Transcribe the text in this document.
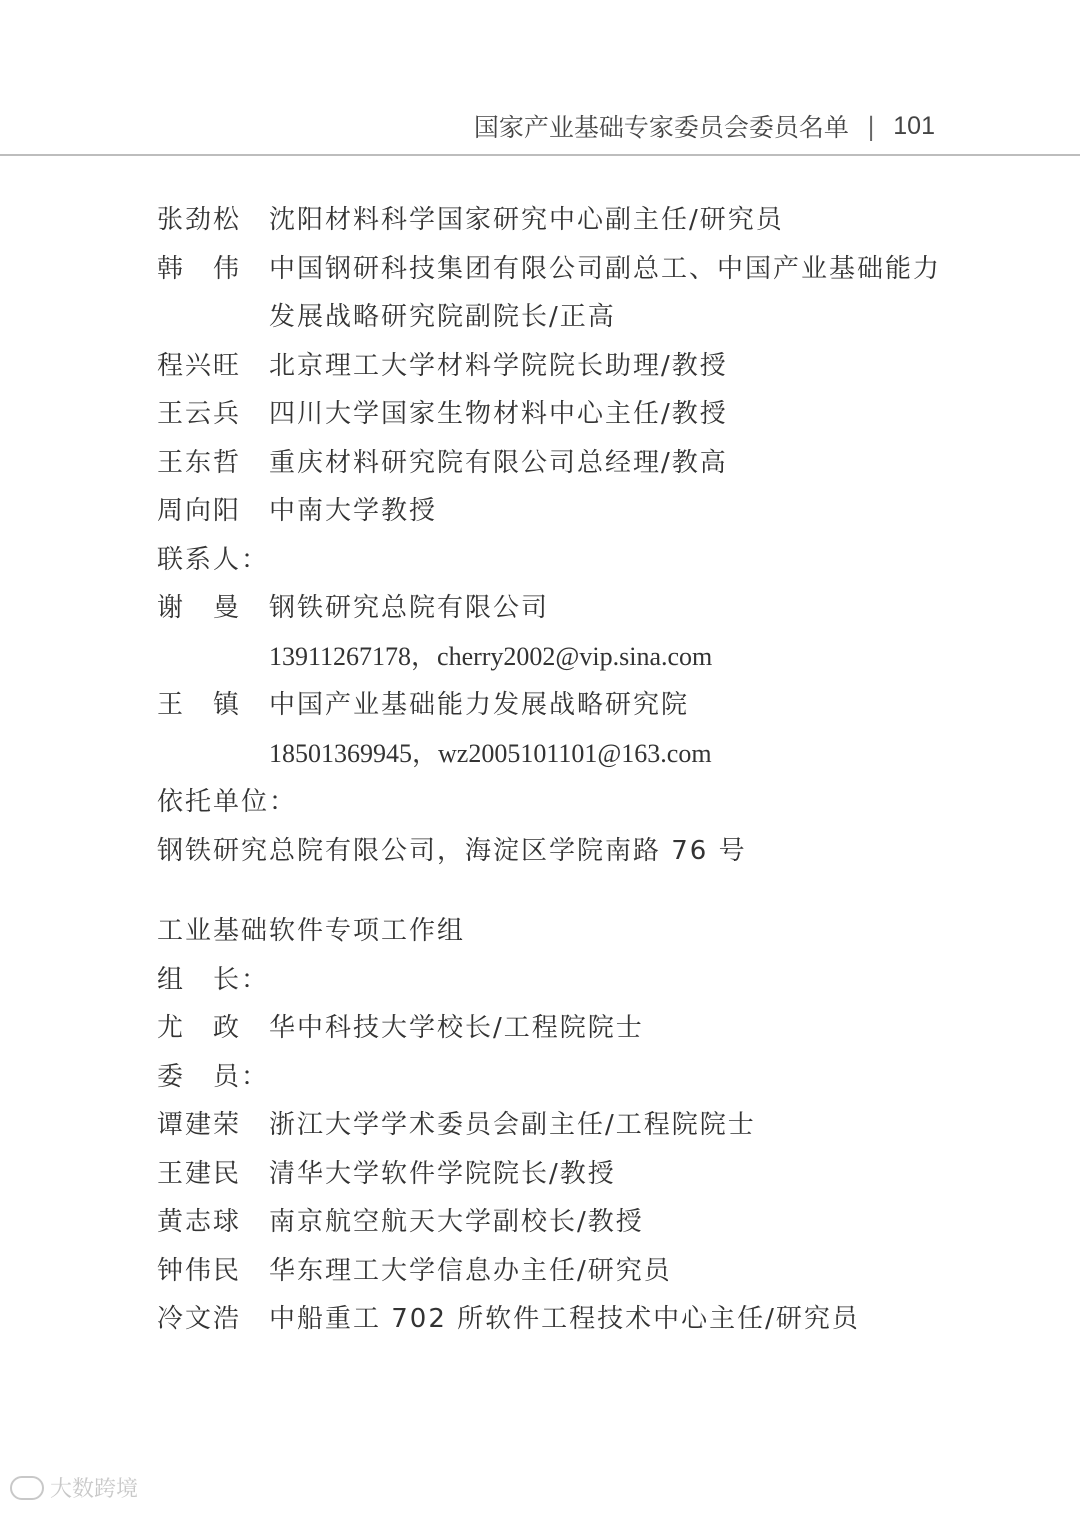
国家产业基础专家委员会委员名单 | 101
张劲松	沈阳材料科学国家研究中心副主任/研究员
韩　伟	中国钢研科技集团有限公司副总工、中国产业基础能力
发展战略研究院副院长/正高
程兴旺	北京理工大学材料学院院长助理/教授
王云兵	四川大学国家生物材料中心主任/教授
王东哲	重庆材料研究院有限公司总经理/教高
周向阳	中南大学教授
联系人：
谢　曼	钢铁研究总院有限公司
13911267178，cherry2002@vip.sina.com
王　镇	中国产业基础能力发展战略研究院
18501369945，wz2005101101@163.com
依托单位：
钢铁研究总院有限公司，海淀区学院南路 76 号
工业基础软件专项工作组
组　长：
尤　政	华中科技大学校长/工程院院士
委　员：
谭建荣	浙江大学学术委员会副主任/工程院院士
王建民	清华大学软件学院院长/教授
黄志球	南京航空航天大学副校长/教授
钟伟民	华东理工大学信息办主任/研究员
冷文浩	中船重工 702 所软件工程技术中心主任/研究员
大数跨境
